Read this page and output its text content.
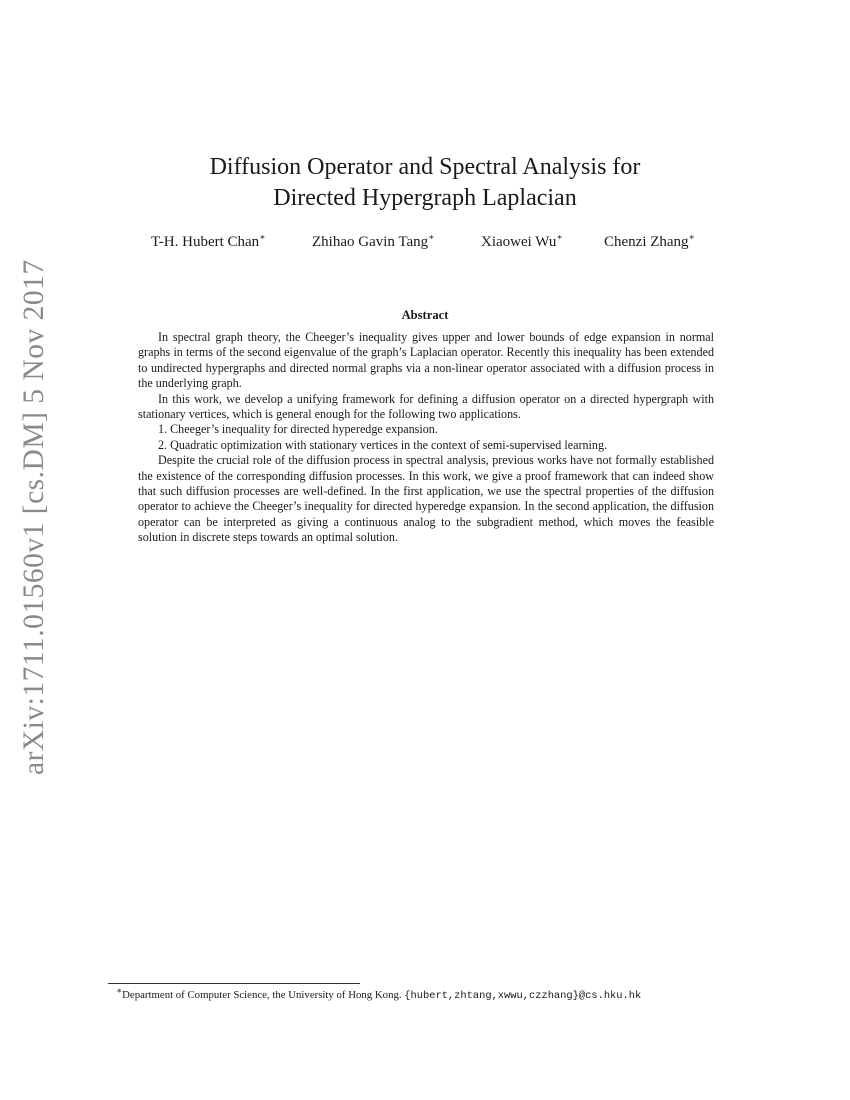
arXiv:1711.01560v1 [cs.DM] 5 Nov 2017
Diffusion Operator and Spectral Analysis for
Directed Hypergraph Laplacian
T-H. Hubert Chan∗	Zhihao Gavin Tang∗	Xiaowei Wu∗	Chenzi Zhang∗
Abstract

In spectral graph theory, the Cheeger’s inequality gives upper and lower bounds of edge expansion in normal graphs in terms of the second eigenvalue of the graph’s Laplacian operator. Recently this inequality has been extended to undirected hypergraphs and directed normal graphs via a non-linear operator associated with a diffusion process in the underlying graph.

In this work, we develop a unifying framework for defining a diffusion operator on a directed hypergraph with stationary vertices, which is general enough for the following two applications.

1. Cheeger’s inequality for directed hyperedge expansion.

2. Quadratic optimization with stationary vertices in the context of semi-supervised learning.

Despite the crucial role of the diffusion process in spectral analysis, previous works have not formally established the existence of the corresponding diffusion processes. In this work, we give a proof framework that can indeed show that such diffusion processes are well-defined. In the first application, we use the spectral properties of the diffusion operator to achieve the Cheeger’s inequality for directed hyperedge expansion. In the second application, the diffusion operator can be interpreted as giving a continuous analog to the subgradient method, which moves the feasible solution in discrete steps towards an optimal solution.

∗Department of Computer Science, the University of Hong Kong. {hubert,zhtang,xwwu,czzhang}@cs.hku.hk
